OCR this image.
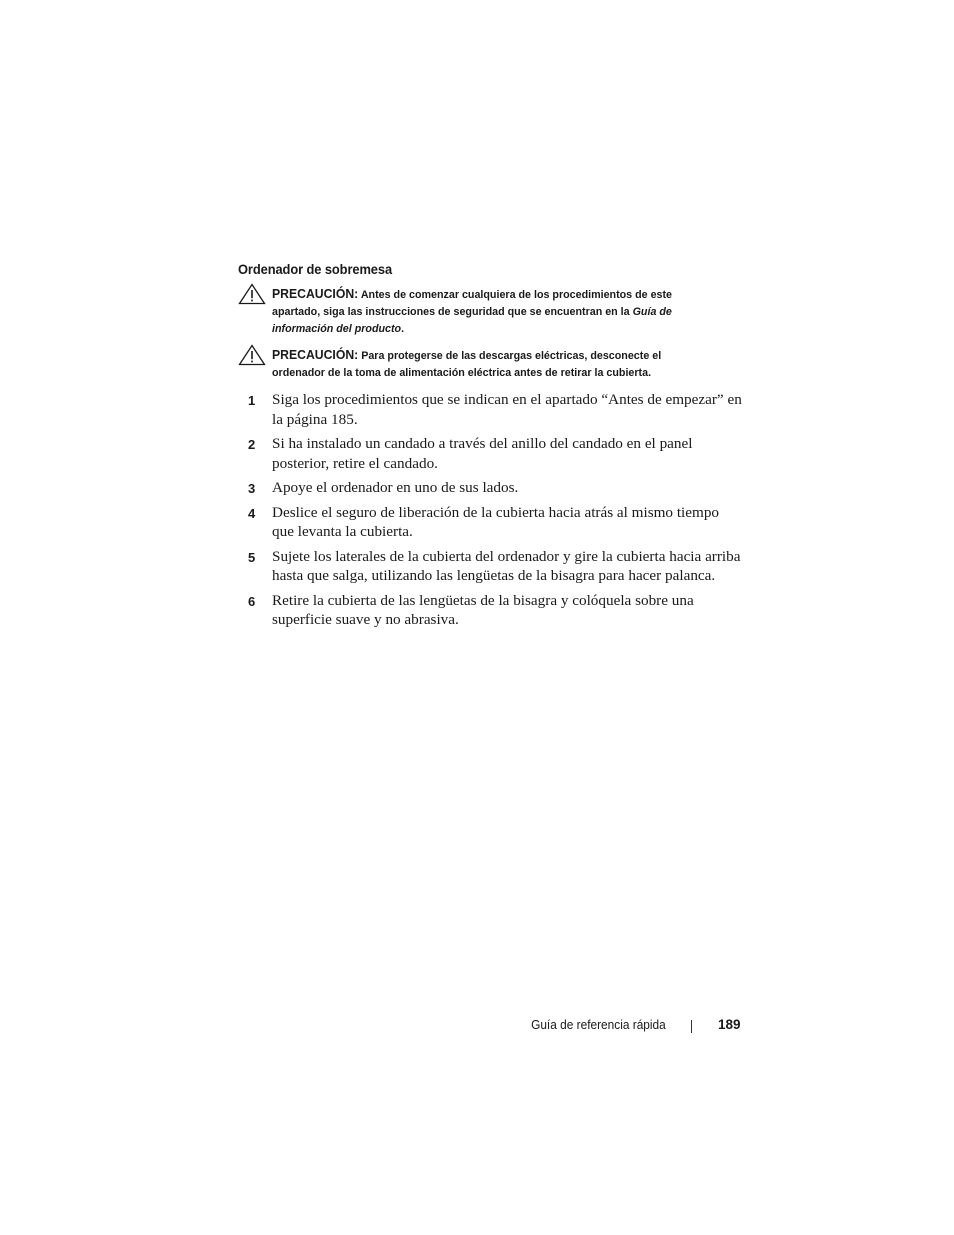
Ordenador de sobremesa
PRECAUCIÓN: Antes de comenzar cualquiera de los procedimientos de este apartado, siga las instrucciones de seguridad que se encuentran en la Guía de información del producto.
PRECAUCIÓN: Para protegerse de las descargas eléctricas, desconecte el ordenador de la toma de alimentación eléctrica antes de retirar la cubierta.
1 Siga los procedimientos que se indican en el apartado “Antes de empezar” en la página 185.
2 Si ha instalado un candado a través del anillo del candado en el panel posterior, retire el candado.
3 Apoye el ordenador en uno de sus lados.
4 Deslice el seguro de liberación de la cubierta hacia atrás al mismo tiempo que levanta la cubierta.
5 Sujete los laterales de la cubierta del ordenador y gire la cubierta hacia arriba hasta que salga, utilizando las lengüetas de la bisagra para hacer palanca.
6 Retire la cubierta de las lengüetas de la bisagra y colóquela sobre una superficie suave y no abrasiva.
Guía de referencia rápida	189
